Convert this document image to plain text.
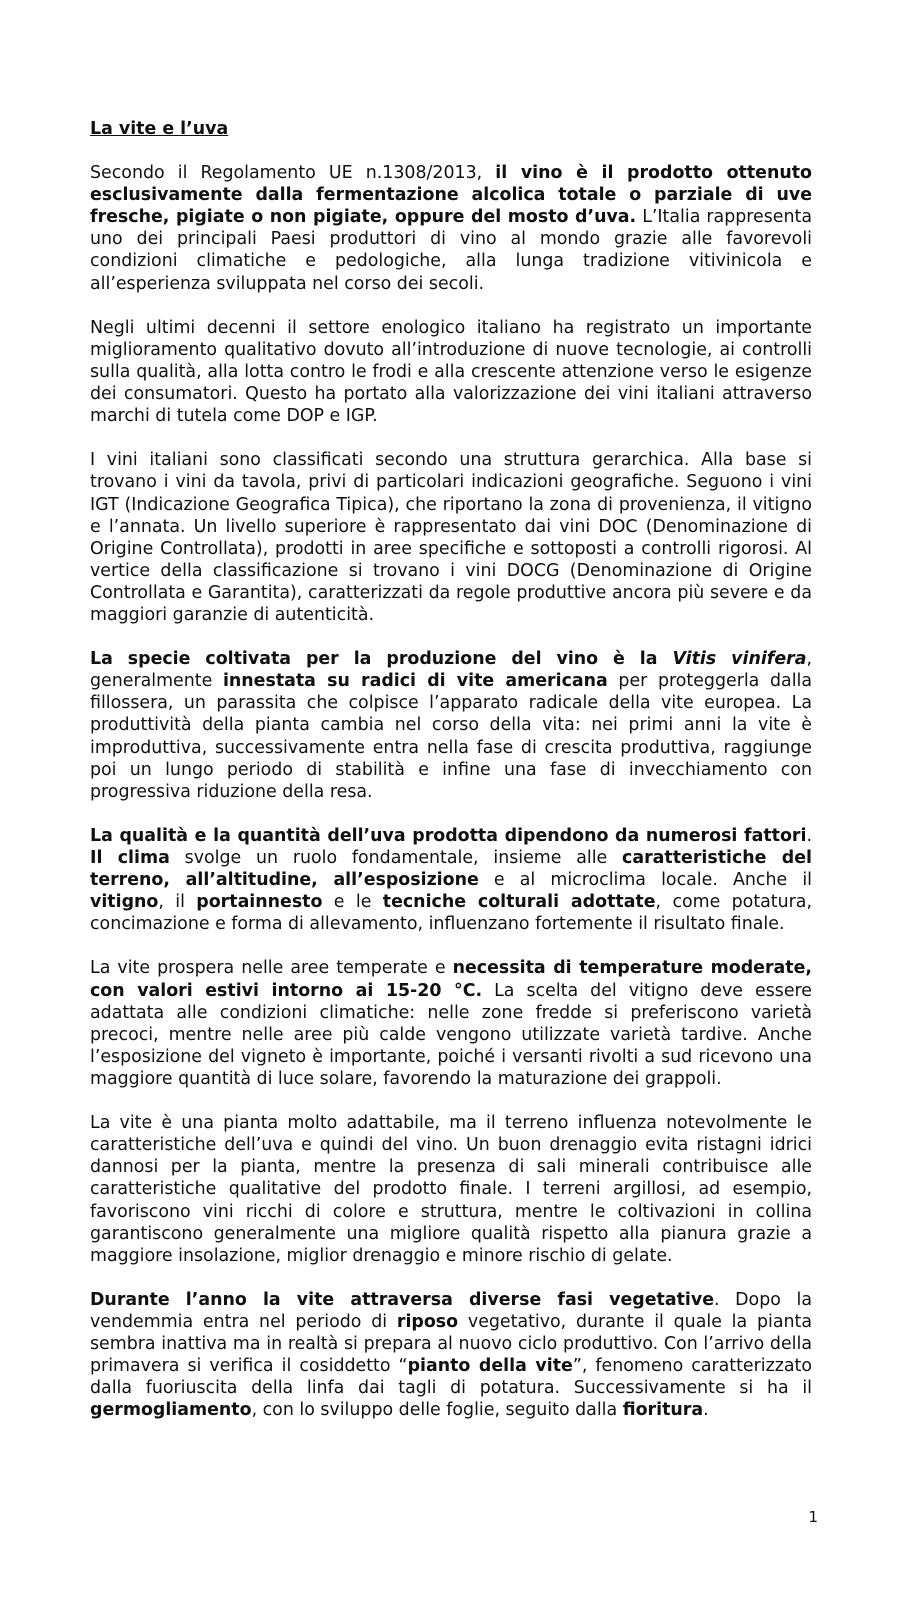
La vite e l’uva

Secondo il Regolamento UE n.1308/2013, il vino è il prodotto ottenuto esclusivamente dalla fermentazione alcolica totale o parziale di uve fresche, pigiate o non pigiate, oppure del mosto d’uva. L’Italia rappresenta uno dei principali Paesi produttori di vino al mondo grazie alle favorevoli condizioni climatiche e pedologiche, alla lunga tradizione vitivinicola e all’esperienza sviluppata nel corso dei secoli.

Negli ultimi decenni il settore enologico italiano ha registrato un importante miglioramento qualitativo dovuto all’introduzione di nuove tecnologie, ai controlli sulla qualità, alla lotta contro le frodi e alla crescente attenzione verso le esigenze dei consumatori. Questo ha portato alla valorizzazione dei vini italiani attraverso marchi di tutela come DOP e IGP.

I vini italiani sono classificati secondo una struttura gerarchica. Alla base si trovano i vini da tavola, privi di particolari indicazioni geografiche. Seguono i vini IGT (Indicazione Geografica Tipica), che riportano la zona di provenienza, il vitigno e l’annata. Un livello superiore è rappresentato dai vini DOC (Denominazione di Origine Controllata), prodotti in aree specifiche e sottoposti a controlli rigorosi. Al vertice della classificazione si trovano i vini DOCG (Denominazione di Origine Controllata e Garantita), caratterizzati da regole produttive ancora più severe e da maggiori garanzie di autenticità.

La specie coltivata per la produzione del vino è la Vitis vinifera, generalmente innestata su radici di vite americana per proteggerla dalla fillossera, un parassita che colpisce l’apparato radicale della vite europea. La produttività della pianta cambia nel corso della vita: nei primi anni la vite è improduttiva, successivamente entra nella fase di crescita produttiva, raggiunge poi un lungo periodo di stabilità e infine una fase di invecchiamento con progressiva riduzione della resa.

La qualità e la quantità dell’uva prodotta dipendono da numerosi fattori. Il clima svolge un ruolo fondamentale, insieme alle caratteristiche del terreno, all’altitudine, all’esposizione e al microclima locale. Anche il vitigno, il portainnesto e le tecniche colturali adottate, come potatura, concimazione e forma di allevamento, influenzano fortemente il risultato finale.

La vite prospera nelle aree temperate e necessita di temperature moderate, con valori estivi intorno ai 15-20 °C. La scelta del vitigno deve essere adattata alle condizioni climatiche: nelle zone fredde si preferiscono varietà precoci, mentre nelle aree più calde vengono utilizzate varietà tardive. Anche l’esposizione del vigneto è importante, poiché i versanti rivolti a sud ricevono una maggiore quantità di luce solare, favorendo la maturazione dei grappoli.

La vite è una pianta molto adattabile, ma il terreno influenza notevolmente le caratteristiche dell’uva e quindi del vino. Un buon drenaggio evita ristagni idrici dannosi per la pianta, mentre la presenza di sali minerali contribuisce alle caratteristiche qualitative del prodotto finale. I terreni argillosi, ad esempio, favoriscono vini ricchi di colore e struttura, mentre le coltivazioni in collina garantiscono generalmente una migliore qualità rispetto alla pianura grazie a maggiore insolazione, miglior drenaggio e minore rischio di gelate.

Durante l’anno la vite attraversa diverse fasi vegetative. Dopo la vendemmia entra nel periodo di riposo vegetativo, durante il quale la pianta sembra inattiva ma in realtà si prepara al nuovo ciclo produttivo. Con l’arrivo della primavera si verifica il cosiddetto “pianto della vite”, fenomeno caratterizzato dalla fuoriuscita della linfa dai tagli di potatura. Successivamente si ha il germogliamento, con lo sviluppo delle foglie, seguito dalla fioritura.

1
